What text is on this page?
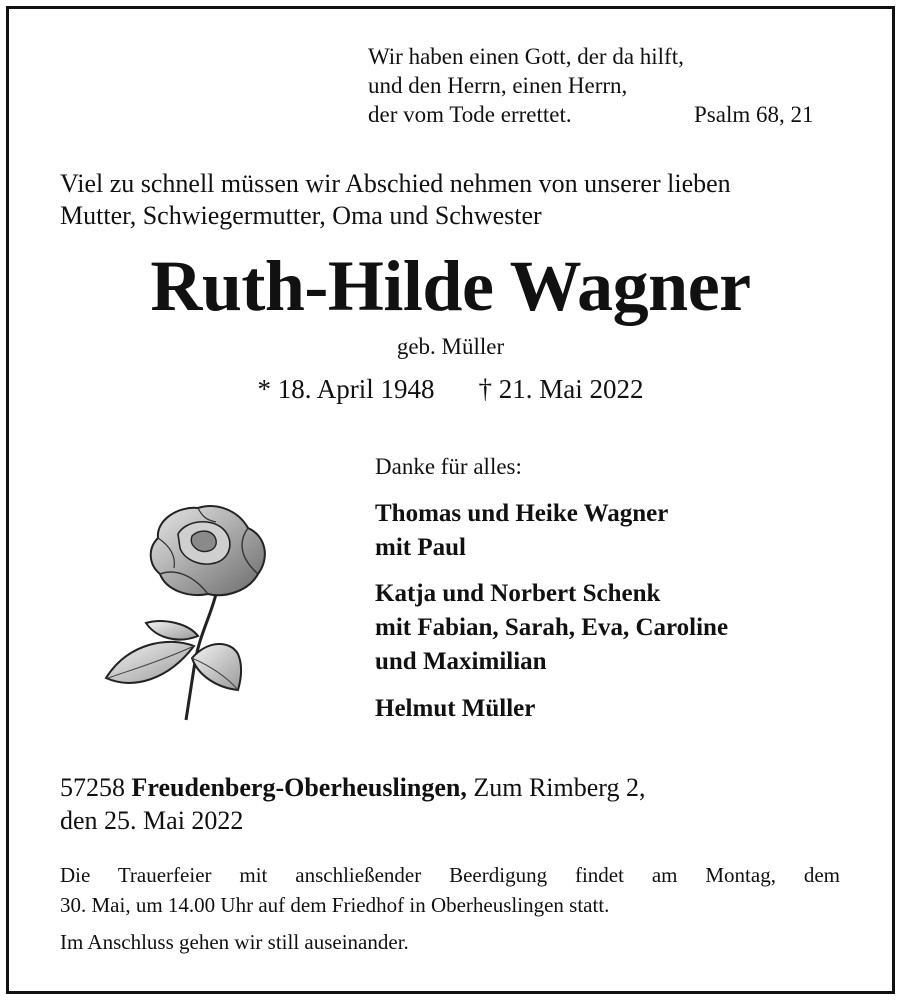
Wir haben einen Gott, der da hilft,
und den Herrn, einen Herrn,
der vom Tode errettet.	Psalm 68, 21
Viel zu schnell müssen wir Abschied nehmen von unserer lieben
Mutter, Schwiegermutter, Oma und Schwester
Ruth-Hilde Wagner
geb. Müller
* 18. April 1948 † 21. Mai 2022
Danke für alles:
Thomas und Heike Wagner
mit Paul
Katja und Norbert Schenk
mit Fabian, Sarah, Eva, Caroline
und Maximilian
Helmut Müller
57258 Freudenberg-Oberheuslingen, Zum Rimberg 2,
den 25. Mai 2022
Die Trauerfeier mit anschließender Beerdigung findet am Montag, dem
30. Mai, um 14.00 Uhr auf dem Friedhof in Oberheuslingen statt.
Im Anschluss gehen wir still auseinander.
